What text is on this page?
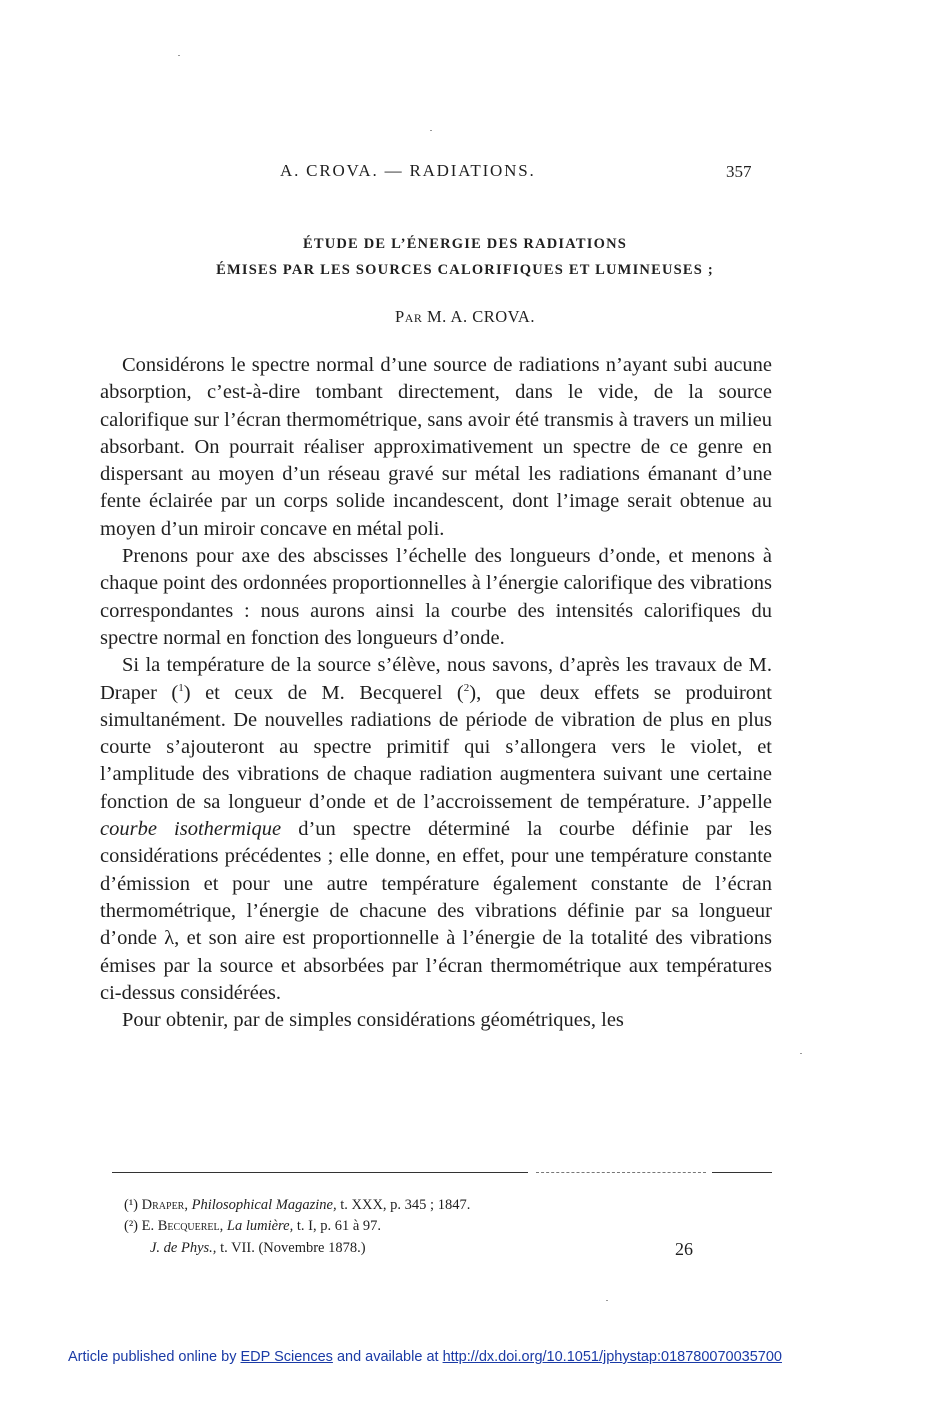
A. CROVA. — RADIATIONS.	357
ÉTUDE DE L’ÉNERGIE DES RADIATIONS
ÉMISES PAR LES SOURCES CALORIFIQUES ET LUMINEUSES ;
Par M. A. CROVA.

Considérons le spectre normal d’une source de radiations n’ayant subi aucune absorption, c’est-à-dire tombant directement, dans le vide, de la source calorifique sur l’écran thermométrique, sans avoir été transmis à travers un milieu absorbant. On pourrait réaliser approximativement un spectre de ce genre en dispersant au moyen d’un réseau gravé sur métal les radiations émanant d’une fente éclairée par un corps solide incandescent, dont l’image serait obtenue au moyen d’un miroir concave en métal poli.

Prenons pour axe des abscisses l’échelle des longueurs d’onde, et menons à chaque point des ordonnées proportionnelles à l’énergie calorifique des vibrations correspondantes : nous aurons ainsi la courbe des intensités calorifiques du spectre normal en fonction des longueurs d’onde.

Si la température de la source s’élève, nous savons, d’après les travaux de M. Draper ($^1$) et ceux de M. Becquerel ($^2$), que deux effets se produiront simultanément. De nouvelles radiations de période de vibration de plus en plus courte s’ajouteront au spectre primitif qui s’allongera vers le violet, et l’amplitude des vibrations de chaque radiation augmentera suivant une certaine fonction de sa longueur d’onde et de l’accroissement de température. J’appelle courbe isothermique d’un spectre déterminé la courbe définie par les considérations précédentes ; elle donne, en effet, pour une température constante d’émission et pour une autre température également constante de l’écran thermométrique, l’énergie de chacune des vibrations définie par sa longueur d’onde λ, et son aire est proportionnelle à l’énergie de la totalité des vibrations émises par la source et absorbées par l’écran thermométrique aux températures ci-dessus considérées.

Pour obtenir, par de simples considérations géométriques, les

(¹) Draper, Philosophical Magazine, t. XXX, p. 345 ; 1847.
(²) E. Becquerel, La lumière, t. I, p. 61 à 97.
J. de Phys., t. VII. (Novembre 1878.)	26
Article published online by EDP Sciences and available at http://dx.doi.org/10.1051/jphystap:018780070035700
